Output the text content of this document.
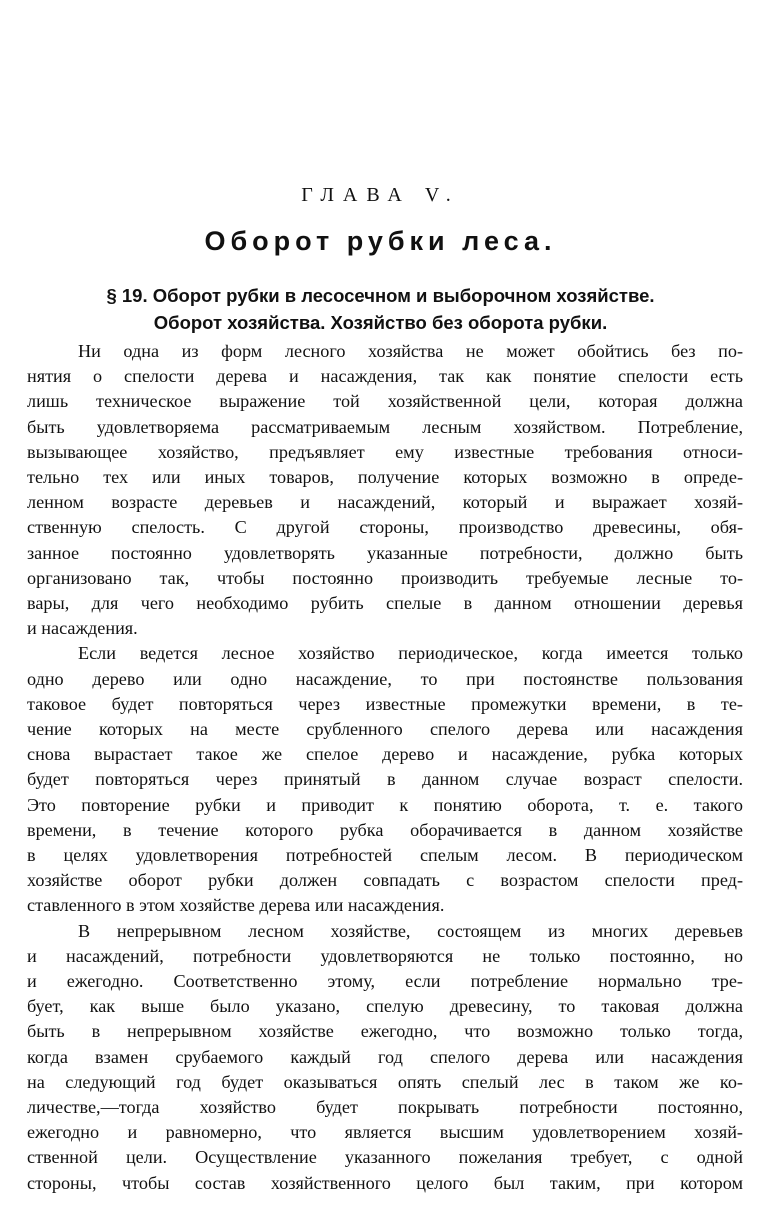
ГЛАВА V.
Оборот рубки леса.
§ 19. Оборот рубки в лесосечном и выборочном хозяйстве.
Оборот хозяйства. Хозяйство без оборота рубки.
Ни одна из форм лесного хозяйства не может обойтись без по-
нятия о спелости дерева и насаждения, так как понятие спелости есть
лишь техническое выражение той хозяйственной цели, которая должна
быть удовлетворяема рассматриваемым лесным хозяйством. Потребление,
вызывающее хозяйство, предъявляет ему известные требования относи-
тельно тех или иных товаров, получение которых возможно в опреде-
ленном возрасте деревьев и насаждений, который и выражает хозяй-
ственную спелость. С другой стороны, производство древесины, обя-
занное постоянно удовлетворять указанные потребности, должно быть
организовано так, чтобы постоянно производить требуемые лесные то-
вары, для чего необходимо рубить спелые в данном отношении деревья
и насаждения.
Если ведется лесное хозяйство периодическое, когда имеется только
одно дерево или одно насаждение, то при постоянстве пользования
таковое будет повторяться через известные промежутки времени, в те-
чение которых на месте срубленного спелого дерева или насаждения
снова вырастает такое же спелое дерево и насаждение, рубка которых
будет повторяться через принятый в данном случае возраст спелости.
Это повторение рубки и приводит к понятию оборота, т. е. такого
времени, в течение которого рубка оборачивается в данном хозяйстве
в целях удовлетворения потребностей спелым лесом. В периодическом
хозяйстве оборот рубки должен совпадать с возрастом спелости пред-
ставленного в этом хозяйстве дерева или насаждения.
В непрерывном лесном хозяйстве, состоящем из многих деревьев
и насаждений, потребности удовлетворяются не только постоянно, но
и ежегодно. Соответственно этому, если потребление нормально тре-
бует, как выше было указано, спелую древесину, то таковая должна
быть в непрерывном хозяйстве ежегодно, что возможно только тогда,
когда взамен срубаемого каждый год спелого дерева или насаждения
на следующий год будет оказываться опять спелый лес в таком же ко-
личестве,—тогда хозяйство будет покрывать потребности постоянно,
ежегодно и равномерно, что является высшим удовлетворением хозяй-
ственной цели. Осуществление указанного пожелания требует, с одной
стороны, чтобы состав хозяйственного целого был таким, при котором
